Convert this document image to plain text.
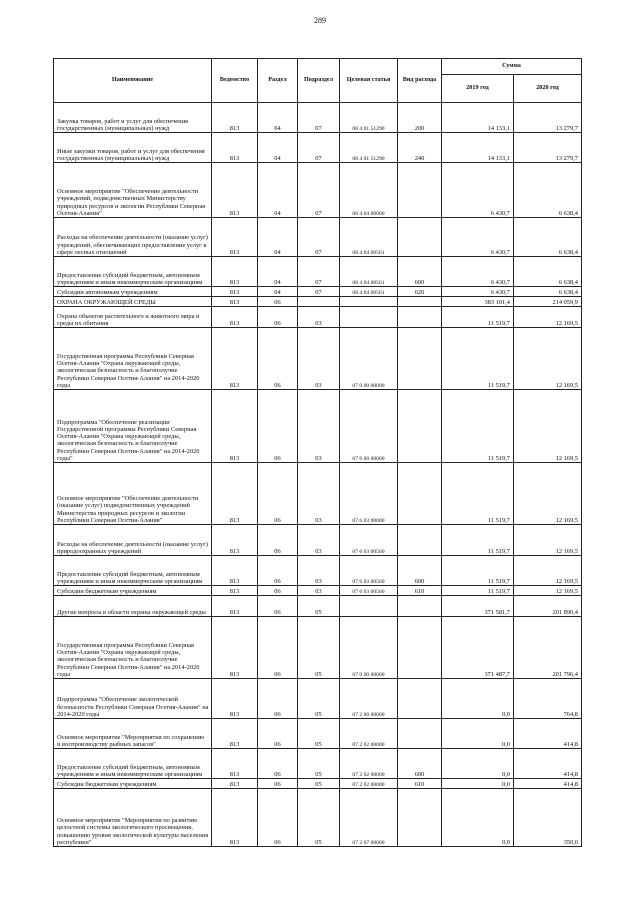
289
Наименование	Ведомство	Раздел	Подраздел	Целевая статья	Вид расхода	Сумма	
						2019 год	2020 год
Закупка товаров, работ и услуг для обеспечения государственных (муниципальных) нужд	813	04	07	08 4 01 51290	200	14 133,1	13 279,7
Иные закупки товаров, работ и услуг для обеспечения государственных (муниципальных) нужд	813	04	07	08 4 01 51290	240	14 133,1	13 279,7
Основное мероприятие "Обеспечение деятельности учреждений, подведомственных Министерству природных ресурсов и экологии Республики Северная Осетия-Алания"	813	04	07	08 4 04 00000		6 430,7	6 638,4
Расходы на обеспечение деятельности (оказание услуг) учреждений, обеспечивающих предоставление услуг в сфере лесных отношений	813	04	07	08 4 04 00561		6 430,7	6 638,4
Предоставление субсидий бюджетным, автономным учреждениям и иным некоммерческим организациям	813	04	07	08 4 04 00561	600	6 430,7	6 638,4
Субсидии автономным учреждениям	813	04	07	08 4 04 00561	620	6 430,7	6 638,4
ОХРАНА ОКРУЖАЮЩЕЙ СРЕДЫ	813	06				383 101,4	214 059,9
Охрана объектов растительного и животного мира и среды их обитания	813	06	03			11 519,7	12 169,5
Государственная программа Республики Северная Осетия-Алания "Охрана окружающей среды, экологическая безопасность и благополучие Республики Северная Осетия-Алания" на 2014-2020 годы	813	06	03	07 0 00 00000		11 519,7	12 169,5
Подпрограмма "Обеспечение реализации Государственной программы Республики Северная Осетия-Алания "Охрана окружающей среды, экологическая безопасность и благополучие Республики Северная Осетия-Алания" на 2014-2020 годы"	813	06	03	07 6 00 00000		11 519,7	12 169,5
Основное мероприятие "Обеспечение деятельности (оказание услуг) подведомственных учреждений Министерства природных ресурсов и экологии Республики Северная Осетия-Алания"	813	06	03	07 6 03 00000		11 519,7	12 169,5
Расходы на обеспечение деятельности (оказание услуг) природоохранных учреждений	813	06	03	07 6 03 00560		11 519,7	12 169,5
Предоставление субсидий бюджетным, автономным учреждениям и иным некоммерческим организациям	813	06	03	07 6 03 00560	600	11 519,7	12 169,5
Субсидии бюджетным учреждениям	813	06	03	07 6 03 00560	610	11 519,7	12 169,5
Другие вопросы в области охраны окружающей среды	813	06	05			371 581,7	201 890,4
Государственная программа Республики Северная Осетия-Алания "Охрана окружающей среды, экологическая безопасность и благополучие Республики Северная Осетия-Алания" на 2014-2020 годы	813	06	05	07 0 00 00000		371 487,7	201 796,4
Подпрограмма "Обеспечение экологической безопасности Республики Северная Осетия-Алания" на 2014-2020 годы	813	06	05	07 2 00 00000		0,0	764,8
Основное мероприятие "Мероприятия по сохранению и воспроизводству рыбных запасов"	813	06	05	07 2 02 00000		0,0	414,8
Предоставление субсидий бюджетным, автономным учреждениям и иным некоммерческим организациям	813	06	05	07 2 02 00000	600	0,0	414,8
Субсидии бюджетным учреждениям	813	06	05	07 2 02 00000	610	0,0	414,8
Основное мероприятие "Мероприятия по развитию целостной системы экологического просвещения, повышению уровня экологической культуры населения республики"	813	06	05	07 2 07 00000		0,0	350,0
